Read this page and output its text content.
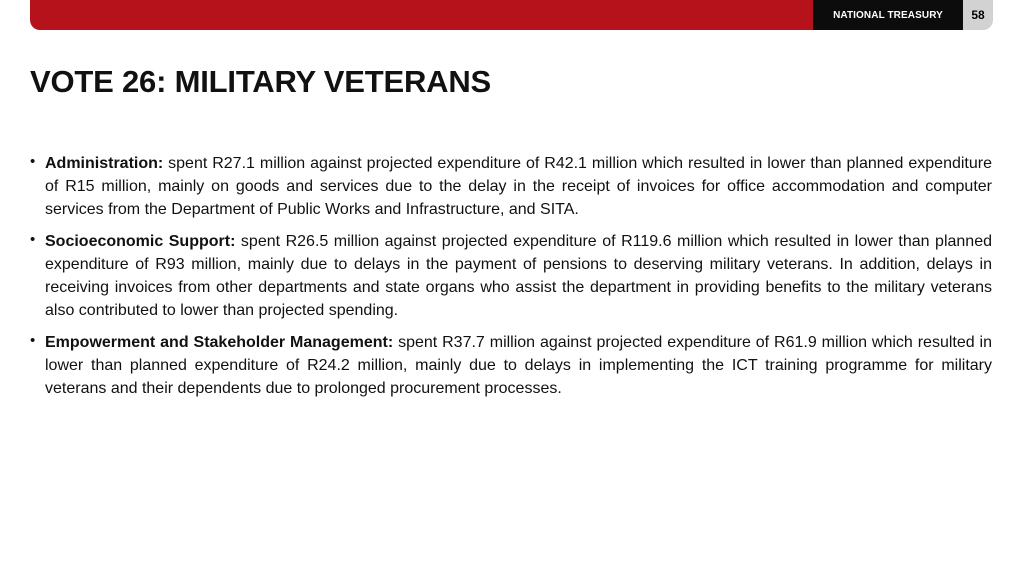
NATIONAL TREASURY	58
VOTE 26: MILITARY VETERANS
• Administration: spent R27.1 million against projected expenditure of R42.1 million which resulted in lower than planned expenditure of R15 million, mainly on goods and services due to the delay in the receipt of invoices for office accommodation and computer services from the Department of Public Works and Infrastructure, and SITA.
• Socioeconomic Support: spent R26.5 million against projected expenditure of R119.6 million which resulted in lower than planned expenditure of R93 million, mainly due to delays in the payment of pensions to deserving military veterans. In addition, delays in receiving invoices from other departments and state organs who assist the department in providing benefits to the military veterans also contributed to lower than projected spending.
• Empowerment and Stakeholder Management: spent R37.7 million against projected expenditure of R61.9 million which resulted in lower than planned expenditure of R24.2 million, mainly due to delays in implementing the ICT training programme for military veterans and their dependents due to prolonged procurement processes.
